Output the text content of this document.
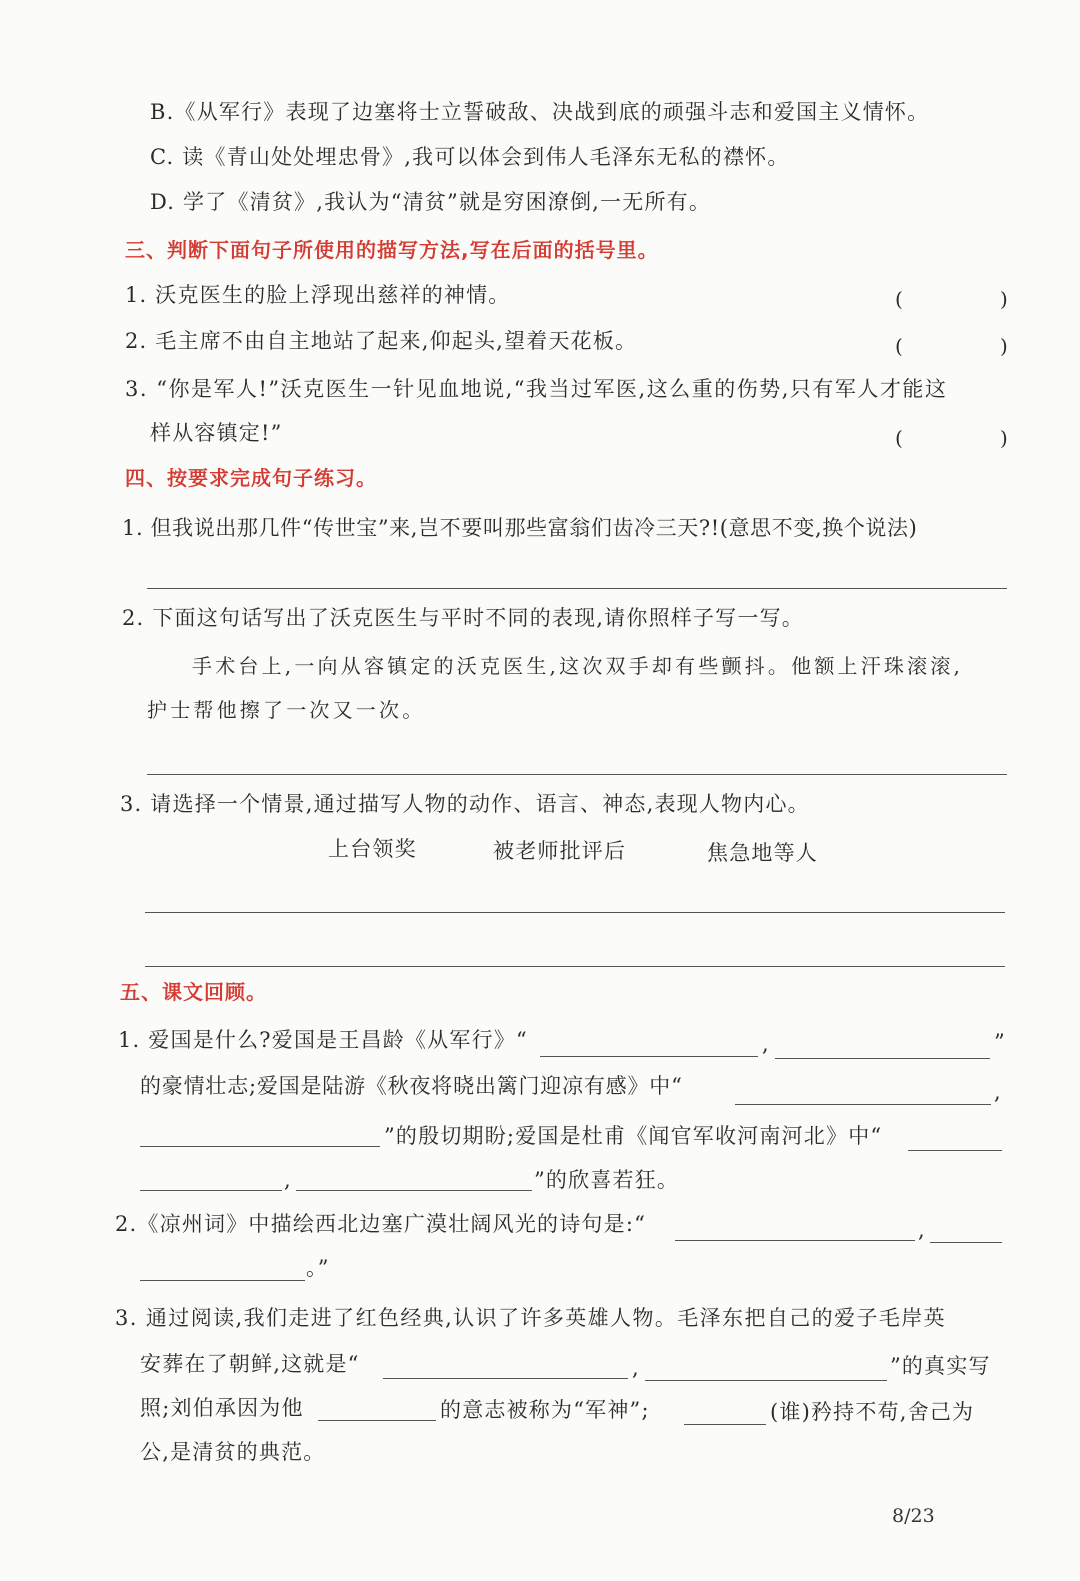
B.《从军行》表现了边塞将士立誓破敌、决战到底的顽强斗志和爱国主义情怀。
C. 读《青山处处埋忠骨》,我可以体会到伟人毛泽东无私的襟怀。
D. 学了《清贫》,我认为“清贫”就是穷困潦倒,一无所有。
三、判断下面句子所使用的描写方法,写在后面的括号里。
1. 沃克医生的脸上浮现出慈祥的神情。	(	)
2. 毛主席不由自主地站了起来,仰起头,望着天花板。	(	)
3. “你是军人!”沃克医生一针见血地说,“我当过军医,这么重的伤势,只有军人才能这
样从容镇定!”	(	)
四、按要求完成句子练习。
1. 但我说出那几件“传世宝”来,岂不要叫那些富翁们齿冷三天?!(意思不变,换个说法)
2. 下面这句话写出了沃克医生与平时不同的表现,请你照样子写一写。
手术台上,一向从容镇定的沃克医生,这次双手却有些颤抖。他额上汗珠滚滚,
护士帮他擦了一次又一次。
3. 请选择一个情景,通过描写人物的动作、语言、神态,表现人物内心。
上台领奖	被老师批评后	焦急地等人
五、课文回顾。
1. 爱国是什么?爱国是王昌龄《从军行》“	,	”
的豪情壮志;爱国是陆游《秋夜将晓出篱门迎凉有感》中“	,
”的殷切期盼;爱国是杜甫《闻官军收河南河北》中“
,	”的欣喜若狂。
2.《凉州词》中描绘西北边塞广漠壮阔风光的诗句是:“	,
。”
3. 通过阅读,我们走进了红色经典,认识了许多英雄人物。毛泽东把自己的爱子毛岸英
安葬在了朝鲜,这就是“	,	”的真实写
照;刘伯承因为他	的意志被称为“军神”;	(谁)矜持不苟,舍己为
公,是清贫的典范。
8/23
